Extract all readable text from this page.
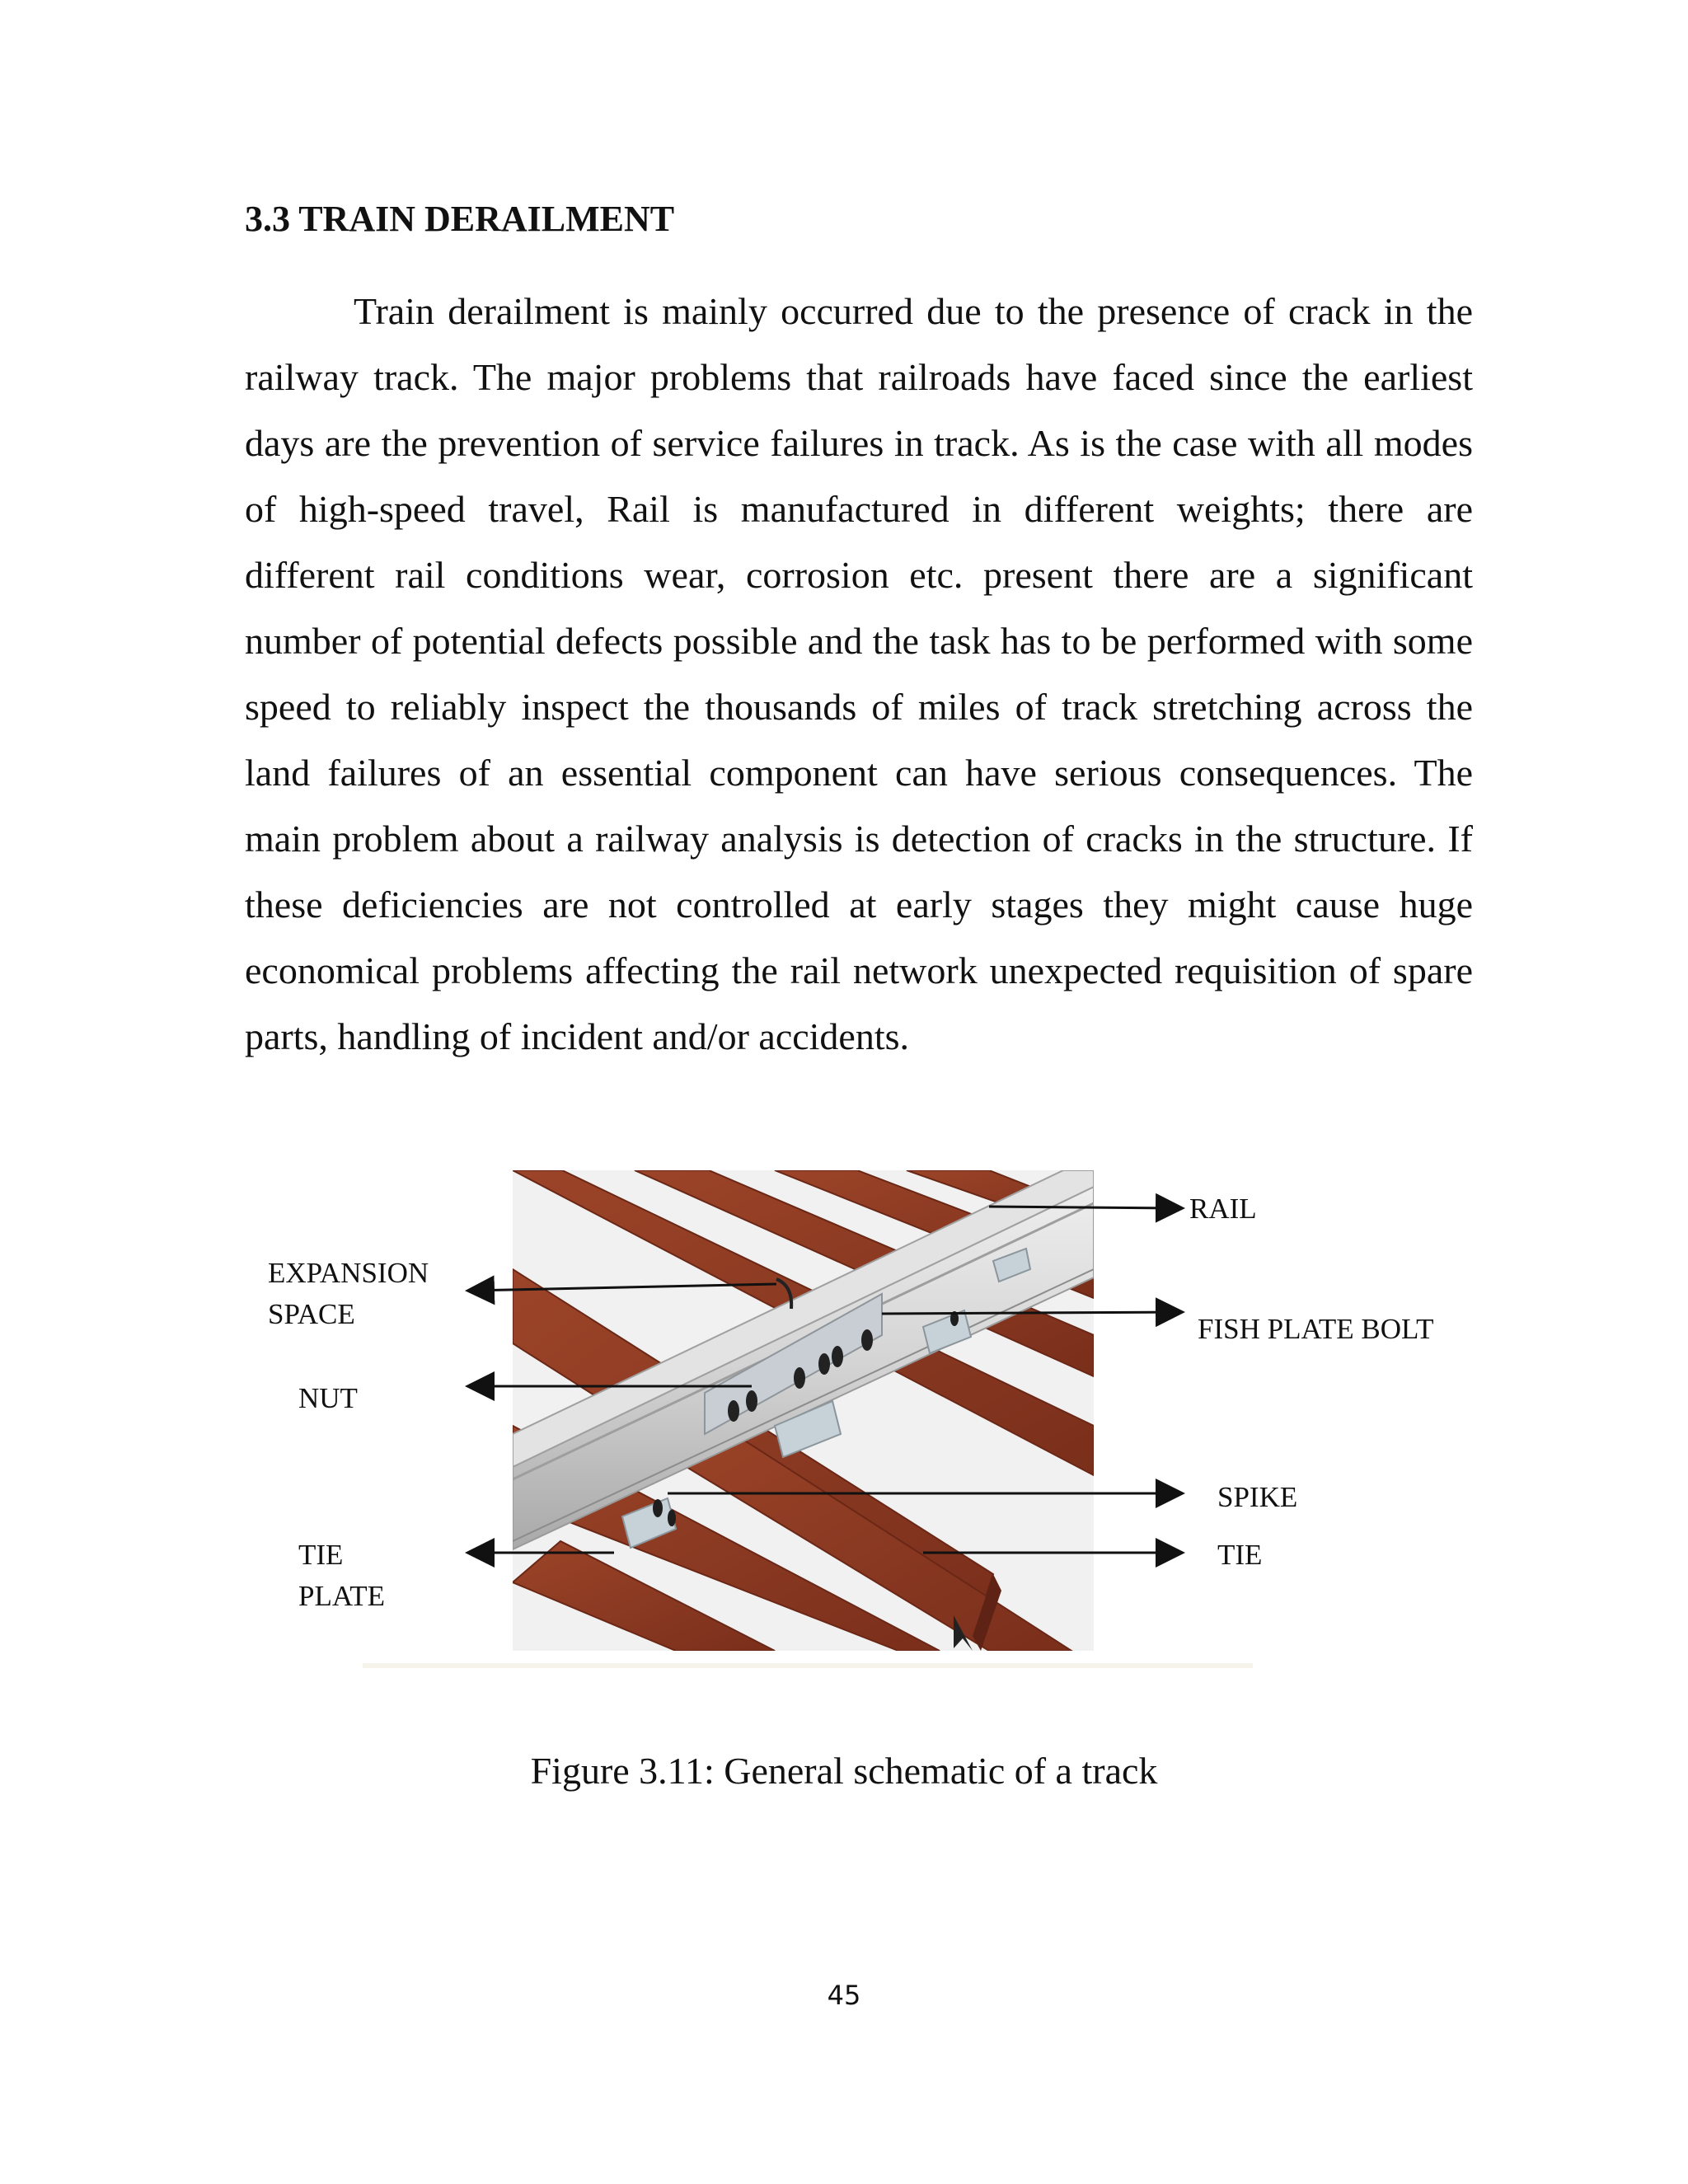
3.3 TRAIN DERAILMENT

Train derailment is mainly occurred due to the presence of crack in the railway track. The major problems that railroads have faced since the earliest days are the prevention of service failures in track. As is the case with all modes of high-speed travel, Rail is manufactured in different weights; there are different rail conditions wear, corrosion etc. present there are a significant number of potential defects possible and the task has to be performed with some speed to reliably inspect the thousands of miles of track stretching across the land failures of an essential component can have serious consequences. The main problem about a railway analysis is detection of cracks in the structure. If these deficiencies are not controlled at early stages they might cause huge economical problems affecting the rail network unexpected requisition of spare parts, handling of incident and/or accidents.

RAIL
EXPANSION
SPACE	FISH PLATE BOLT
NUT
SPIKE
TIE
TIE
PLATE

Figure 3.11: General schematic of a track

45
